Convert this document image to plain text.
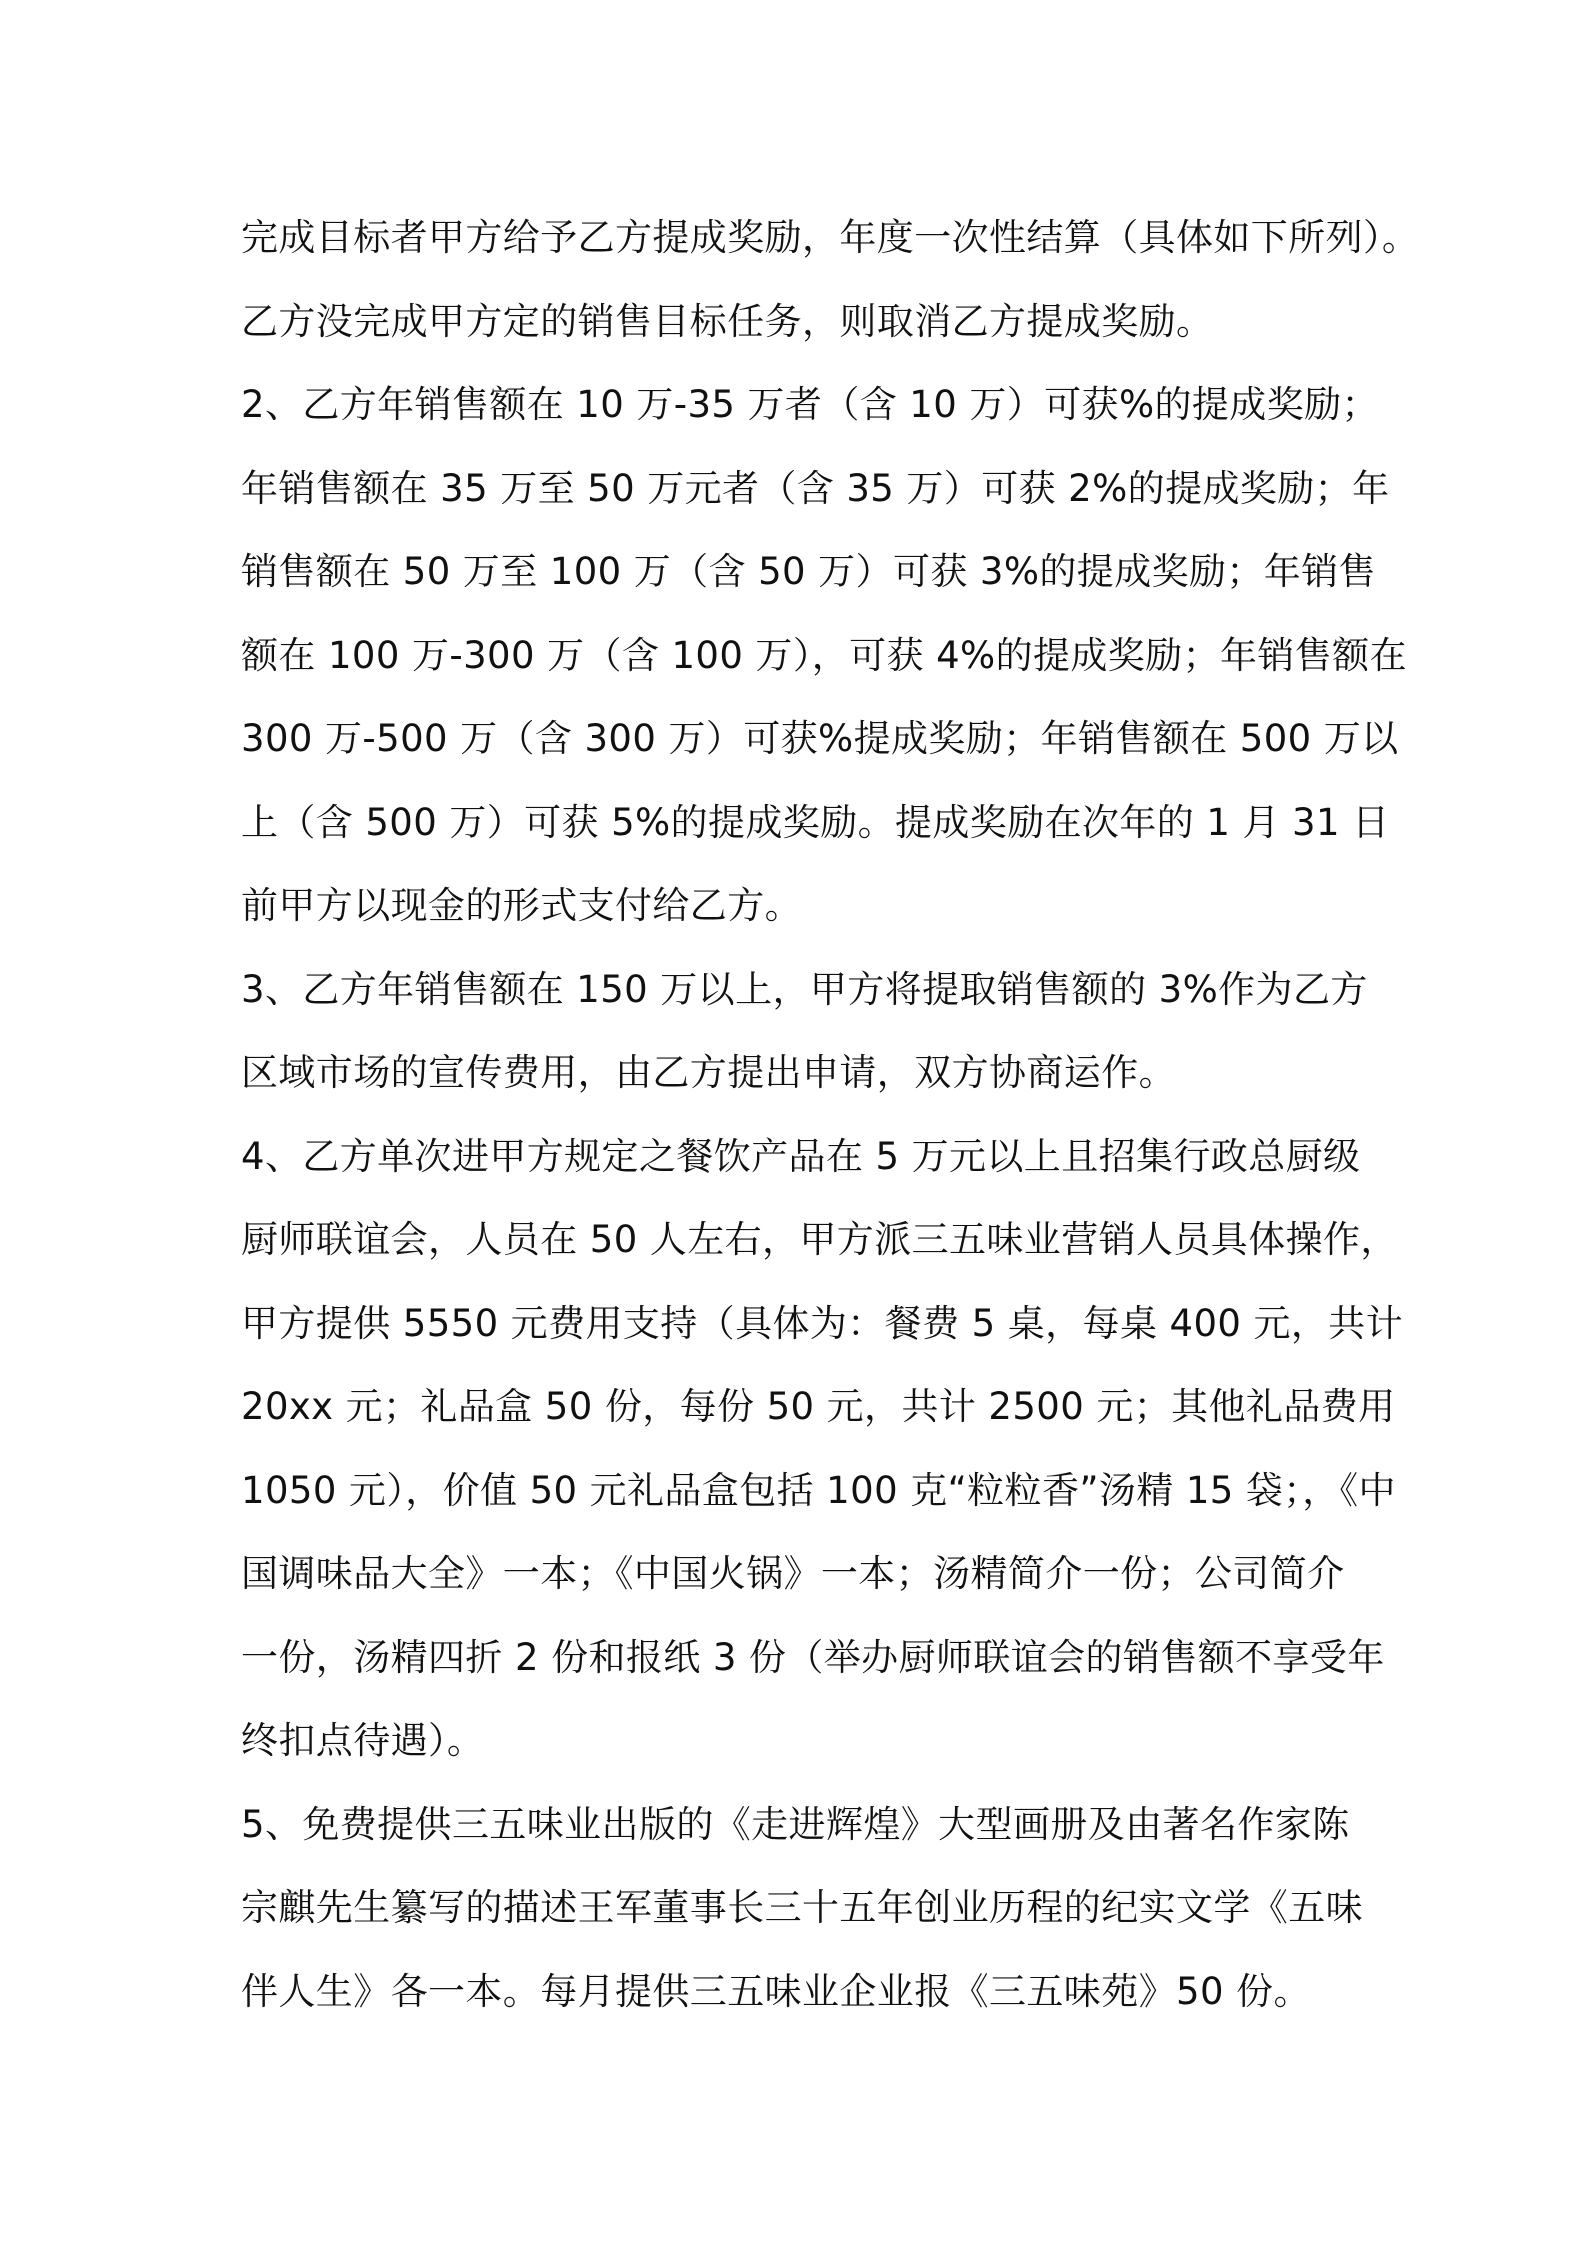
完成目标者甲方给予乙方提成奖励，年度一次性结算（具体如下所列）。
乙方没完成甲方定的销售目标任务，则取消乙方提成奖励。
2、乙方年销售额在 10 万-35 万者（含 10 万）可获%的提成奖励；
年销售额在 35 万至 50 万元者（含 35 万）可获 2%的提成奖励；年
销售额在 50 万至 100 万（含 50 万）可获 3%的提成奖励；年销售
额在 100 万-300 万（含 100 万），可获 4%的提成奖励；年销售额在
300 万-500 万（含 300 万）可获%提成奖励；年销售额在 500 万以
上（含 500 万）可获 5%的提成奖励。提成奖励在次年的 1 月 31 日
前甲方以现金的形式支付给乙方。
3、乙方年销售额在 150 万以上，甲方将提取销售额的 3%作为乙方
区域市场的宣传费用，由乙方提出申请，双方协商运作。
4、乙方单次进甲方规定之餐饮产品在 5 万元以上且招集行政总厨级
厨师联谊会，人员在 50 人左右，甲方派三五味业营销人员具体操作，
甲方提供 5550 元费用支持（具体为：餐费 5 桌，每桌 400 元，共计
20xx 元；礼品盒 50 份，每份 50 元，共计 2500 元；其他礼品费用
1050 元），价值 50 元礼品盒包括 100 克“粒粒香”汤精 15 袋；，《中
国调味品大全》一本；《中国火锅》一本；汤精简介一份；公司简介
一份，汤精四折 2 份和报纸 3 份（举办厨师联谊会的销售额不享受年
终扣点待遇）。
5、免费提供三五味业出版的《走进辉煌》大型画册及由著名作家陈
宗麒先生纂写的描述王军董事长三十五年创业历程的纪实文学《五味
伴人生》各一本。每月提供三五味业企业报《三五味苑》50 份。
